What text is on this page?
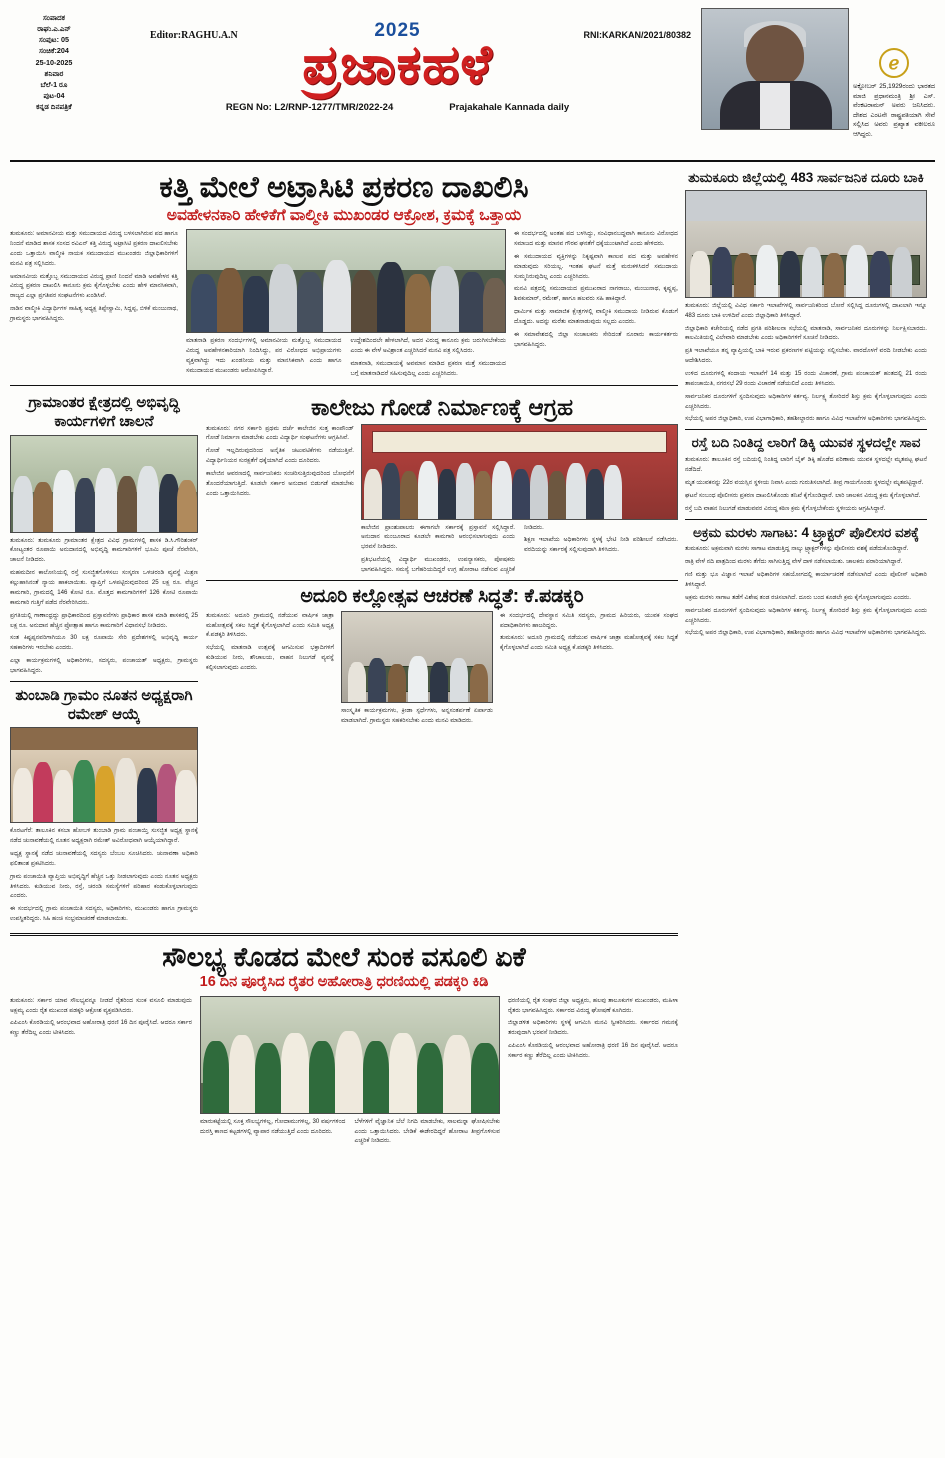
ಸಂಪಾದಕ
ರಾಘು.ಎ.ಎನ್
ಸಂಪುಟ: 05
ಸಂಚಿಕೆ:204
25-10-2025
ಶನಿವಾರ
ಬೆಲೆ-1 ರೂ
ಪುಟ-04
ಕನ್ನಡ ದಿನಪತ್ರಿಕೆ
Editor:RAGHU.A.N	RNI:KARKAN/2021/80382
2025
ಪ್ರಜಾಕಹಳೆ
REGN No: L2/RNP-1277/TMR/2022-24	Prajakahale Kannada daily
ℯ
ಅಕ್ಟೋಬರ್ 25,1929ರಂದು ಭಾರತದ ಮಾಜಿ ಪ್ರಧಾನಮಂತ್ರಿ ಶ್ರೀ ಎಸ್. ವೆಂಕಟರಾಮನ್ ಅವರು ಜನಿಸಿದರು. ದೇಶದ ಎಂಟನೇ ರಾಷ್ಟ್ರಪತಿಯಾಗಿ ಸೇವೆ ಸಲ್ಲಿಸಿದ ಅವರು ಪ್ರಖ್ಯಾತ ವಕೀಲರೂ ಆಗಿದ್ದರು.
ಕತ್ತಿ ಮೇಲೆ ಅಟ್ರಾಸಿಟಿ ಪ್ರಕರಣ ದಾಖಲಿಸಿ
ಅವಹೇಳನಕಾರಿ ಹೇಳಿಕೆಗೆ ವಾಲ್ಮೀಕಿ ಮುಖಂಡರ ಆಕ್ರೋಶ, ಕ್ರಮಕ್ಕೆ ಒತ್ತಾಯ

ತುಮಕೂರು: ಅಮಾನವೀಯ ಮತ್ತು ಸಮುದಾಯದ ವಿರುದ್ಧ ಬಳಸಲಾಗಿರುವ ಪದ ಹಾಗೂ ನಿಂದನೆ ಮಾಡಿದ ಶಾಸಕ ಸಂಸದ ರವಿಎನ್ ಕತ್ತಿ ವಿರುದ್ಧ ಅಟ್ರಾಸಿಟಿ ಪ್ರಕರಣ ದಾಖಲಿಸಬೇಕು ಎಂದು ಒತ್ತಾಯಿಸಿ ವಾಲ್ಮೀಕಿ ನಾಯಕ ಸಮುದಾಯದ ಮುಖಂಡರು ಜಿಲ್ಲಾಧಿಕಾರಿಗಳಿಗೆ ಮನವಿ ಪತ್ರ ಸಲ್ಲಿಸಿದರು.

ಅಮಾನವೀಯ ಮತ್ತೊಬ್ಬ ಸಮುದಾಯದ ವಿರುದ್ಧ ಪ್ರಾಣಿ ನಿಂದನೆ ಮಾಡಿ ಅವಹೇಳನ ಕತ್ತಿ ವಿರುದ್ಧ ಪ್ರಕರಣ ದಾಖಲಿಸಿ ಕಾನೂನು ಕ್ರಮ ಕೈಗೊಳ್ಳಬೇಕು ಎಂದು ಹೇಳಿ ಮಾನಸಿಕವಾಗಿ, ರಾಜ್ಯದ ಎಲ್ಲಾ ಪ್ರಗತಿಪರ ಸಂಘಟನೆಗಳು ಖಂಡಿಸಿವೆ.

ನಾಡಿನ ವಾಲ್ಮೀಕಿ ವಿದ್ಯಾರ್ಥಿಗಳ ಸಾಹಿತ್ಯ ಅಧ್ಯಕ್ಷ ತಿಪ್ಪೇಸ್ವಾಮಿ, ಸಿದ್ದಪ್ಪ, ಬಿಳಿಕೆ ಮಂಜುನಾಥ, ಗ್ರಾಮಸ್ಥರು ಭಾಗವಹಿಸಿದ್ದರು.

ಮಾತನಾಡಿ ಪ್ರಕರಣ ಸಂದರ್ಭಗಳಲ್ಲಿ ಅಮಾನವೀಯ ಮತ್ತೊಬ್ಬ ಸಮುದಾಯದ ವಿರುದ್ಧ ಅವಹೇಳನಕಾರಿಯಾಗಿ ನಿಂದಿಸಿದ್ದು, ಪರ ವಿರೋಧದ ಅಭಿಪ್ರಾಯಗಳು ವ್ಯಕ್ತವಾಗಿದ್ದು ಇದು ಖಂಡನೀಯ ಮತ್ತು ಮಾನಸಿಕವಾಗಿ ಎಂದು ಹಾಗೂ ಸಮುದಾಯದ ಮುಖಂಡರು ಆರೋಪಿಸಿದ್ದಾರೆ.

ಉದ್ದೇಶದಿಂದಲೇ ಹೇಳಲಾಗಿದೆ, ಅದರ ವಿರುದ್ಧ ಕಾನೂನು ಕ್ರಮ ಜರುಗಿಸಬೇಕೆಂದು ಎಂದು ಈ ವೇಳೆ ಅವಿಶ್ರಾಂತ ಎಚ್ಚರಿಸಿದರೆ ಮನವಿ ಪತ್ರ ಸಲ್ಲಿಸಿದರು.

ಮಾತನಾಡಿ, ಸಮುದಾಯಕ್ಕೆ ಅವಮಾನ ಮಾಡಿದ ಪ್ರಕರಣ ಮತ್ತೆ ಸಮುದಾಯದ ಬಗ್ಗೆ ಮಾತನಾಡಿದರೆ ಸಹಿಸುವುದಿಲ್ಲ ಎಂದು ಎಚ್ಚರಿಸಿದರು.

ಈ ಸಂದರ್ಭದಲ್ಲಿ ಅಂತಹ ಪದ ಬಳಸಿದ್ದು, ಸಂವಿಧಾನಬದ್ಧವಾಗಿ ಕಾನೂನು ವಿರೋಧದ ಸಮಾಜದ ಮತ್ತು ಮಾನವ ಗೌರವ ಘನತೆಗೆ ಧಕ್ಕೆಯುಂಟಾಗಿದೆ ಎಂದು ಹೇಳಿದರು.

ಈ ಸಮುದಾಯದ ವ್ಯಕ್ತಿಗಳನ್ನು ನಿಕೃಷ್ಟವಾಗಿ ಕಾಣುವ ಪದ ಮತ್ತು ಅವಹೇಳನ ಮಾಡುವುದು ಸರಿಯಲ್ಲ. ಇಂತಹ ಘಟನೆ ಮತ್ತೆ ಮರುಕಳಿಸಿದರೆ ಸಮುದಾಯ ಸುಮ್ಮನಿರುವುದಿಲ್ಲ ಎಂದು ಎಚ್ಚರಿಸಿದರು.

ಮನವಿ ಪತ್ರದಲ್ಲಿ ಸಮುದಾಯದ ಪ್ರಮುಖರಾದ ನಾಗರಾಜು, ಮಂಜುನಾಥ, ಕೃಷ್ಣಪ್ಪ, ಶಿವಕುಮಾರ್, ರಮೇಶ್, ಹಾಗೂ ಹಲವರು ಸಹಿ ಹಾಕಿದ್ದಾರೆ.

ಧಾರ್ಮಿಕ ಮತ್ತು ಸಾಮಾಜಿಕ ಕ್ಷೇತ್ರಗಳಲ್ಲಿ ವಾಲ್ಮೀಕಿ ಸಮುದಾಯ ನೀಡಿರುವ ಕೊಡುಗೆ ದೊಡ್ಡದು. ಅದನ್ನು ಮರೆತು ಮಾತನಾಡುವುದು ಸಲ್ಲದು ಎಂದರು.

ಈ ಸಮಾವೇಶದಲ್ಲಿ ಜಿಲ್ಲಾ ಸಂಚಾಲಕರು ಸೇರಿದಂತೆ ನೂರಾರು ಕಾರ್ಯಕರ್ತರು ಭಾಗವಹಿಸಿದ್ದರು.

ಗ್ರಾಮಾಂತರ ಕ್ಷೇತ್ರದಲ್ಲಿ ಅಭಿವೃದ್ಧಿ ಕಾರ್ಯಗಳಿಗೆ ಚಾಲನೆ

ತುಮಕೂರು: ತುಮಕೂರು ಗ್ರಾಮಾಂತರ ಕ್ಷೇತ್ರದ ವಿವಿಧ ಗ್ರಾಮಗಳಲ್ಲಿ ಶಾಸಕ ಡಿ.ಸಿ.ಗೌರಿಶಂಕರ್ ಕೋಟ್ಯಂತರ ರೂಪಾಯಿ ಅನುದಾನದಲ್ಲಿ ಅಭಿವೃದ್ಧಿ ಕಾಮಗಾರಿಗಳಿಗೆ ಭೂಮಿ ಪೂಜೆ ನೆರವೇರಿಸಿ, ಚಾಲನೆ ನೀಡಿದರು.

ಮಹಮದೀನ ಕಾಲೋನಿಯಲ್ಲಿ ರಸ್ತೆ ಸುಸಜ್ಜಿತಗೊಳಿಸಲು ಸಂಸ್ಕರಣ ಒಳಚರಂಡಿ ವ್ಯವಸ್ಥೆ ಮಿಶ್ರಣ ಕಲ್ಲುಹಾಸಿನಂತೆ ನ್ಯಾಯ ಹಾಕಲಾಯಿತು. ವ್ಯಾಪ್ತಿಗೆ ಒಳಪಟ್ಟಿರುವುದರಿಂದ 25 ಲಕ್ಷ ರೂ. ವೆಚ್ಚದ ಕಾಮಗಾರಿ, ಗ್ರಾಮದಲ್ಲಿ 146 ಕೋಟಿ ರೂ. ಮೊತ್ತದ ಕಾಮಗಾರಿಗಳಿಗೆ 126 ಕೋಟಿ ರೂಪಾಯಿ ಕಾಮಗಾರಿ ಗುತ್ತಿಗೆ ಪಡೆದ ನೆರವೇರಿಸಿದರು.

ಪ್ರಗತಿಯಲ್ಲಿ ಗಾಣಾಂಧ್ರದ್ದು ಪ್ರಾಧಿಕಾರದಿಂದ ಪ್ರಸ್ತಾವನೆಗಳು ಪ್ರಾಧಿಕಾರ ಶಾಸಕ ಮಾಡಿ ಶಾಸಕರಲ್ಲಿ 25 ಲಕ್ಷ ರೂ. ಅನುದಾನ ಹೆಚ್ಚಿನ ಪ್ರೋತ್ಸಾಹ ಹಾಗೂ ಕಾಮಗಾರಿಗೆ ವಿಧಾನಸಭೆ ನೀಡಿದರು.

ಸಂತ ಕಿಷ್ಟಪ್ಪನವರಿಗಾಗಿಯೂ 30 ಲಕ್ಷ ರೂಪಾಯಿ ಸೇರಿ ಪ್ರದೇಶಗಳಲ್ಲಿ ಅಭಿವೃದ್ಧಿ ಕಾರ್ಯ ಸಹಕಾರಿಗಳು ಇರಬೇಕು ಎಂದರು.

ಎಲ್ಲಾ ಕಾರ್ಯಕ್ರಮಗಳಲ್ಲಿ ಅಧಿಕಾರಿಗಳು, ಸದಸ್ಯರು, ಪಂಚಾಯತ್ ಅಧ್ಯಕ್ಷರು, ಗ್ರಾಮಸ್ಥರು ಭಾಗವಹಿಸಿದ್ದರು.

ತುಂಬಾಡಿ ಗ್ರಾಮಂ ನೂತನ ಅಧ್ಯಕ್ಷರಾಗಿ ರಮೇಶ್ ಆಯ್ಕೆ

ಕೊರಟಗೆರೆ: ತಾಲೂಕಿನ ಕಸಬಾ ಹೋಬಳಿ ತುಂಬಾಡಿ ಗ್ರಾಮ ಪಂಚಾಯ್ತಿ ಸುಸಜ್ಜಿತ ಅಧ್ಯಕ್ಷ ಸ್ಥಾನಕ್ಕೆ ನಡೆದ ಚುನಾವಣೆಯಲ್ಲಿ ನೂತನ ಅಧ್ಯಕ್ಷರಾಗಿ ರಮೇಶ್ ಅವಿರೋಧವಾಗಿ ಆಯ್ಕೆಯಾಗಿದ್ದಾರೆ.

ಅಧ್ಯಕ್ಷ ಸ್ಥಾನಕ್ಕೆ ನಡೆದ ಚುನಾವಣೆಯಲ್ಲಿ ಸದಸ್ಯರು ಬೆಂಬಲ ಸೂಚಿಸಿದರು. ಚುನಾವಣಾ ಅಧಿಕಾರಿ ಫಲಿತಾಂಶ ಪ್ರಕಟಿಸಿದರು.

ಗ್ರಾಮ ಪಂಚಾಯಿತಿ ವ್ಯಾಪ್ತಿಯ ಅಭಿವೃದ್ಧಿಗೆ ಹೆಚ್ಚಿನ ಒತ್ತು ನೀಡಲಾಗುವುದು ಎಂದು ನೂತನ ಅಧ್ಯಕ್ಷರು ತಿಳಿಸಿದರು. ಕುಡಿಯುವ ನೀರು, ರಸ್ತೆ, ಚರಂಡಿ ಸಮಸ್ಯೆಗಳಿಗೆ ಪರಿಹಾರ ಕಂಡುಕೊಳ್ಳಲಾಗುವುದು ಎಂದರು.

ಈ ಸಂದರ್ಭದಲ್ಲಿ ಗ್ರಾಮ ಪಂಚಾಯಿತಿ ಸದಸ್ಯರು, ಅಧಿಕಾರಿಗಳು, ಮುಖಂಡರು ಹಾಗೂ ಗ್ರಾಮಸ್ಥರು ಉಪಸ್ಥಿತರಿದ್ದರು. ಸಿಹಿ ಹಂಚಿ ಸಂಭ್ರಮಾಚರಣೆ ಮಾಡಲಾಯಿತು.

ಕಾಲೇಜು ಗೋಡೆ ನಿರ್ಮಾಣಕ್ಕೆ ಆಗ್ರಹ

ತುಮಕೂರು: ನಗರ ಸರ್ಕಾರಿ ಪ್ರಥಮ ದರ್ಜೆ ಕಾಲೇಜಿನ ಸುತ್ತ ಕಾಂಪೌಂಡ್ ಗೋಡೆ ನಿರ್ಮಾಣ ಮಾಡಬೇಕು ಎಂದು ವಿದ್ಯಾರ್ಥಿ ಸಂಘಟನೆಗಳು ಆಗ್ರಹಿಸಿವೆ.

ಗೋಡೆ ಇಲ್ಲದಿರುವುದರಿಂದ ಅನೈತಿಕ ಚಟುವಟಿಕೆಗಳು ನಡೆಯುತ್ತಿವೆ. ವಿದ್ಯಾರ್ಥಿನಿಯರ ಸುರಕ್ಷತೆಗೆ ಧಕ್ಕೆಯಾಗಿದೆ ಎಂದು ದೂರಿದರು.

ಕಾಲೇಜಿನ ಆವರಣದಲ್ಲಿ ಸಾರ್ವಜನಿಕರು ಸಂಚರಿಸುತ್ತಿರುವುದರಿಂದ ಬೋಧನೆಗೆ ತೊಂದರೆಯಾಗುತ್ತಿದೆ. ಕೂಡಲೇ ಸರ್ಕಾರ ಅನುದಾನ ಬಿಡುಗಡೆ ಮಾಡಬೇಕು ಎಂದು ಒತ್ತಾಯಿಸಿದರು.

ಕಾಲೇಜಿನ ಪ್ರಾಂಶುಪಾಲರು ಈಗಾಗಲೇ ಸರ್ಕಾರಕ್ಕೆ ಪ್ರಸ್ತಾವನೆ ಸಲ್ಲಿಸಿದ್ದಾರೆ. ಅನುದಾನ ಮಂಜೂರಾದ ಕೂಡಲೇ ಕಾಮಗಾರಿ ಆರಂಭಿಸಲಾಗುವುದು ಎಂದು ಭರವಸೆ ನೀಡಿದರು.

ಪ್ರತಿಭಟನೆಯಲ್ಲಿ ವಿದ್ಯಾರ್ಥಿ ಮುಖಂಡರು, ಉಪನ್ಯಾಸಕರು, ಪೋಷಕರು ಭಾಗವಹಿಸಿದ್ದರು. ಸಮಸ್ಯೆ ಬಗೆಹರಿಯದಿದ್ದರೆ ಉಗ್ರ ಹೋರಾಟ ನಡೆಸುವ ಎಚ್ಚರಿಕೆ ನೀಡಿದರು.

ಶಿಕ್ಷಣ ಇಲಾಖೆಯ ಅಧಿಕಾರಿಗಳು ಸ್ಥಳಕ್ಕೆ ಭೇಟಿ ನೀಡಿ ಪರಿಶೀಲನೆ ನಡೆಸಿದರು. ವರದಿಯನ್ನು ಸರ್ಕಾರಕ್ಕೆ ಸಲ್ಲಿಸುವುದಾಗಿ ತಿಳಿಸಿದರು.

ಅದೂರಿ ಕಲ್ಲೋತ್ಸವ ಆಚರಣೆ ಸಿದ್ಧತೆ: ಕೆ.ಪಡಕ್ಕರಿ

ತುಮಕೂರು: ಅದೂರಿ ಗ್ರಾಮದಲ್ಲಿ ನಡೆಯುವ ವಾರ್ಷಿಕ ಜಾತ್ರಾ ಮಹೋತ್ಸವಕ್ಕೆ ಸಕಲ ಸಿದ್ಧತೆ ಕೈಗೊಳ್ಳಲಾಗಿದೆ ಎಂದು ಸಮಿತಿ ಅಧ್ಯಕ್ಷ ಕೆ.ಪಡಕ್ಕರಿ ತಿಳಿಸಿದರು.

ಸಭೆಯಲ್ಲಿ ಮಾತನಾಡಿ ಉತ್ಸವಕ್ಕೆ ಆಗಮಿಸುವ ಭಕ್ತಾದಿಗಳಿಗೆ ಕುಡಿಯುವ ನೀರು, ಶೌಚಾಲಯ, ವಾಹನ ನಿಲುಗಡೆ ವ್ಯವಸ್ಥೆ ಕಲ್ಪಿಸಲಾಗುವುದು ಎಂದರು.

ಸಾಂಸ್ಕೃತಿಕ ಕಾರ್ಯಕ್ರಮಗಳು, ಕ್ರೀಡಾ ಸ್ಪರ್ಧೆಗಳು, ಅನ್ನಸಂತರ್ಪಣೆ ಏರ್ಪಾಡು ಮಾಡಲಾಗಿದೆ. ಗ್ರಾಮಸ್ಥರು ಸಹಕರಿಸಬೇಕು ಎಂದು ಮನವಿ ಮಾಡಿದರು.

ಈ ಸಂದರ್ಭದಲ್ಲಿ ದೇವಸ್ಥಾನ ಸಮಿತಿ ಸದಸ್ಯರು, ಗ್ರಾಮದ ಹಿರಿಯರು, ಯುವಕ ಸಂಘದ ಪದಾಧಿಕಾರಿಗಳು ಹಾಜರಿದ್ದರು.

ತುಮಕೂರು: ಅದೂರಿ ಗ್ರಾಮದಲ್ಲಿ ನಡೆಯುವ ವಾರ್ಷಿಕ ಜಾತ್ರಾ ಮಹೋತ್ಸವಕ್ಕೆ ಸಕಲ ಸಿದ್ಧತೆ ಕೈಗೊಳ್ಳಲಾಗಿದೆ ಎಂದು ಸಮಿತಿ ಅಧ್ಯಕ್ಷ ಕೆ.ಪಡಕ್ಕರಿ ತಿಳಿಸಿದರು.

ಸೌಲಭ್ಯ ಕೊಡದ ಮೇಲೆ ಸುಂಕ ವಸೂಲಿ ಏಕೆ
16 ದಿನ ಪೂರೈಸಿದ ರೈತರ ಅಹೋರಾತ್ರಿ ಧರಣಿಯಲ್ಲಿ ಪಡಕ್ಕರಿ ಕಿಡಿ

ತುಮಕೂರು: ಸರ್ಕಾರ ಯಾವ ಸೌಲಭ್ಯವನ್ನೂ ನೀಡದೆ ರೈತರಿಂದ ಸುಂಕ ವಸೂಲಿ ಮಾಡುವುದು ಅಕ್ಷಮ್ಯ ಎಂದು ರೈತ ಮುಖಂಡ ಪಡಕ್ಕರಿ ಆಕ್ರೋಶ ವ್ಯಕ್ತಪಡಿಸಿದರು.

ಎಪಿಎಂಸಿ ಕೊಠಡಿಯಲ್ಲಿ ಆರಂಭವಾದ ಅಹೋರಾತ್ರಿ ಧರಣಿ 16 ದಿನ ಪೂರೈಸಿದೆ. ಆದರೂ ಸರ್ಕಾರ ಕಣ್ಣು ತೆರೆದಿಲ್ಲ ಎಂದು ಟೀಕಿಸಿದರು.

ಮಾರುಕಟ್ಟೆಯಲ್ಲಿ ಸೂಕ್ತ ಸೌಲಭ್ಯಗಳಿಲ್ಲ, ಗೋದಾಮುಗಳಿಲ್ಲ, 30 ವರ್ಷಗಳಿಂದ ದುರಸ್ತಿ ಕಾಣದ ಕಟ್ಟಡಗಳಲ್ಲಿ ವ್ಯಾಪಾರ ನಡೆಯುತ್ತಿದೆ ಎಂದು ದೂರಿದರು.

ಬೆಳೆಗಳಿಗೆ ವೈಜ್ಞಾನಿಕ ಬೆಲೆ ನಿಗದಿ ಮಾಡಬೇಕು, ಸಾಲಮನ್ನಾ ಘೋಷಿಸಬೇಕು ಎಂದು ಒತ್ತಾಯಿಸಿದರು. ಬೇಡಿಕೆ ಈಡೇರದಿದ್ದರೆ ಹೋರಾಟ ತೀವ್ರಗೊಳಿಸುವ ಎಚ್ಚರಿಕೆ ನೀಡಿದರು.

ಧರಣಿಯಲ್ಲಿ ರೈತ ಸಂಘದ ಜಿಲ್ಲಾ ಅಧ್ಯಕ್ಷರು, ಹಲವು ತಾಲೂಕುಗಳ ಮುಖಂಡರು, ಮಹಿಳಾ ರೈತರು ಭಾಗವಹಿಸಿದ್ದರು. ಸರ್ಕಾರದ ವಿರುದ್ಧ ಘೋಷಣೆ ಕೂಗಿದರು.

ಜಿಲ್ಲಾಡಳಿತ ಅಧಿಕಾರಿಗಳು ಸ್ಥಳಕ್ಕೆ ಆಗಮಿಸಿ ಮನವಿ ಸ್ವೀಕರಿಸಿದರು. ಸರ್ಕಾರದ ಗಮನಕ್ಕೆ ತರುವುದಾಗಿ ಭರವಸೆ ನೀಡಿದರು.

ಎಪಿಎಂಸಿ ಕೊಠಡಿಯಲ್ಲಿ ಆರಂಭವಾದ ಅಹೋರಾತ್ರಿ ಧರಣಿ 16 ದಿನ ಪೂರೈಸಿದೆ. ಆದರೂ ಸರ್ಕಾರ ಕಣ್ಣು ತೆರೆದಿಲ್ಲ ಎಂದು ಟೀಕಿಸಿದರು.

ತುಮಕೂರು ಜಿಲ್ಲೆಯಲ್ಲಿ 483 ಸಾರ್ವಜನಿಕ ದೂರು ಬಾಕಿ

ತುಮಕೂರು: ಜಿಲ್ಲೆಯಲ್ಲಿ ವಿವಿಧ ಸರ್ಕಾರಿ ಇಲಾಖೆಗಳಲ್ಲಿ ಸಾರ್ವಜನಿಕರಿಂದ ಬೋರೆ ಸಲ್ಲಿಸಿದ್ದ ದೂರುಗಳಲ್ಲಿ ದಾಖಲಾಗಿ ಇನ್ನೂ 483 ದೂರು ಬಾಕಿ ಉಳಿದಿವೆ ಎಂದು ಜಿಲ್ಲಾಧಿಕಾರಿ ತಿಳಿಸಿದ್ದಾರೆ.

ಜಿಲ್ಲಾಧಿಕಾರಿ ಕಚೇರಿಯಲ್ಲಿ ನಡೆದ ಪ್ರಗತಿ ಪರಿಶೀಲನಾ ಸಭೆಯಲ್ಲಿ ಮಾತನಾಡಿ, ಸಾರ್ವಜನಿಕರ ದೂರುಗಳನ್ನು ನಿರ್ಲಕ್ಷಿಸಬಾರದು. ಕಾಲಮಿತಿಯಲ್ಲಿ ವಿಲೇವಾರಿ ಮಾಡಬೇಕು ಎಂದು ಅಧಿಕಾರಿಗಳಿಗೆ ಸೂಚನೆ ನೀಡಿದರು.

ಪ್ರತಿ ಇಲಾಖೆಯೂ ತನ್ನ ವ್ಯಾಪ್ತಿಯಲ್ಲಿ ಬಾಕಿ ಇರುವ ಪ್ರಕರಣಗಳ ಪಟ್ಟಿಯನ್ನು ಸಲ್ಲಿಸಬೇಕು. ವಾರದೊಳಗೆ ವರದಿ ನೀಡಬೇಕು ಎಂದು ಆದೇಶಿಸಿದರು.

ಉಳಿದ ದೂರುಗಳಲ್ಲಿ ಕಂದಾಯ ಇಲಾಖೆಗೆ 14 ಮತ್ತು 15 ರಂದು ವಿಚಾರಣೆ, ಗ್ರಾಮ ಪಂಚಾಯತ್ ಹಂತದಲ್ಲಿ 21 ರಂದು ತಾಪಂಚಾಯಿತಿ, ನಗರಸಭೆ 29 ರಂದು ವಿಚಾರಣೆ ನಡೆಯಲಿದೆ ಎಂದು ತಿಳಿಸಿದರು.

ಸಾರ್ವಜನಿಕರ ದೂರುಗಳಿಗೆ ಸ್ಪಂದಿಸುವುದು ಅಧಿಕಾರಿಗಳ ಕರ್ತವ್ಯ. ನಿರ್ಲಕ್ಷ್ಯ ತೋರಿದರೆ ಶಿಸ್ತು ಕ್ರಮ ಕೈಗೊಳ್ಳಲಾಗುವುದು ಎಂದು ಎಚ್ಚರಿಸಿದರು.

ಸಭೆಯಲ್ಲಿ ಅಪರ ಜಿಲ್ಲಾಧಿಕಾರಿ, ಉಪ ವಿಭಾಗಾಧಿಕಾರಿ, ತಹಶೀಲ್ದಾರರು ಹಾಗೂ ವಿವಿಧ ಇಲಾಖೆಗಳ ಅಧಿಕಾರಿಗಳು ಭಾಗವಹಿಸಿದ್ದರು.

ರಸ್ತೆ ಬದಿ ನಿಂತಿದ್ದ ಲಾರಿಗೆ ಡಿಕ್ಕಿ ಯುವಕ ಸ್ಥಳದಲ್ಲೇ ಸಾವ

ತುಮಕೂರು: ತಾಲೂಕಿನ ರಸ್ತೆ ಬದಿಯಲ್ಲಿ ನಿಂತಿದ್ದ ಲಾರಿಗೆ ಬೈಕ್ ಡಿಕ್ಕಿ ಹೊಡೆದ ಪರಿಣಾಮ ಯುವಕ ಸ್ಥಳದಲ್ಲೇ ಮೃತಪಟ್ಟ ಘಟನೆ ನಡೆದಿದೆ.

ಮೃತ ಯುವಕನನ್ನು 22ರ ವಯಸ್ಸಿನ ಸ್ಥಳೀಯ ನಿವಾಸಿ ಎಂದು ಗುರುತಿಸಲಾಗಿದೆ. ತೀವ್ರ ಗಾಯಗೊಂಡು ಸ್ಥಳದಲ್ಲೇ ಮೃತಪಟ್ಟಿದ್ದಾರೆ.

ಘಟನೆ ಸಂಬಂಧ ಪೊಲೀಸರು ಪ್ರಕರಣ ದಾಖಲಿಸಿಕೊಂಡು ತನಿಖೆ ಕೈಗೊಂಡಿದ್ದಾರೆ. ಲಾರಿ ಚಾಲಕನ ವಿರುದ್ಧ ಕ್ರಮ ಕೈಗೊಳ್ಳಲಾಗಿದೆ.

ರಸ್ತೆ ಬದಿ ವಾಹನ ನಿಲುಗಡೆ ಮಾಡುವವರ ವಿರುದ್ಧ ಕಠಿಣ ಕ್ರಮ ಕೈಗೊಳ್ಳಬೇಕೆಂದು ಸ್ಥಳೀಯರು ಆಗ್ರಹಿಸಿದ್ದಾರೆ.

ಅಕ್ರಮ ಮರಳು ಸಾಗಾಟ: 4 ಟ್ರ್ಯಾಕ್ಟರ್ ಪೊಲೀಸರ ವಶಕ್ಕೆ

ತುಮಕೂರು: ಅಕ್ರಮವಾಗಿ ಮರಳು ಸಾಗಾಟ ಮಾಡುತ್ತಿದ್ದ ನಾಲ್ಕು ಟ್ರ್ಯಾಕ್ಟರ್‌ಗಳನ್ನು ಪೊಲೀಸರು ವಶಕ್ಕೆ ಪಡೆದುಕೊಂಡಿದ್ದಾರೆ.

ರಾತ್ರಿ ವೇಳೆ ನದಿ ಪಾತ್ರದಿಂದ ಮರಳು ತೆಗೆದು ಸಾಗಿಸುತ್ತಿದ್ದ ವೇಳೆ ದಾಳಿ ನಡೆಸಲಾಯಿತು. ಚಾಲಕರು ಪರಾರಿಯಾಗಿದ್ದಾರೆ.

ಗಣಿ ಮತ್ತು ಭೂ ವಿಜ್ಞಾನ ಇಲಾಖೆ ಅಧಿಕಾರಿಗಳ ಸಹಯೋಗದಲ್ಲಿ ಕಾರ್ಯಾಚರಣೆ ನಡೆಸಲಾಗಿದೆ ಎಂದು ಪೊಲೀಸ್ ಅಧಿಕಾರಿ ತಿಳಿಸಿದ್ದಾರೆ.

ಅಕ್ರಮ ಮರಳು ಸಾಗಾಟ ತಡೆಗೆ ವಿಶೇಷ ತಂಡ ರಚಿಸಲಾಗಿದೆ. ದೂರು ಬಂದ ಕೂಡಲೇ ಕ್ರಮ ಕೈಗೊಳ್ಳಲಾಗುವುದು ಎಂದರು.

ಸಾರ್ವಜನಿಕರ ದೂರುಗಳಿಗೆ ಸ್ಪಂದಿಸುವುದು ಅಧಿಕಾರಿಗಳ ಕರ್ತವ್ಯ. ನಿರ್ಲಕ್ಷ್ಯ ತೋರಿದರೆ ಶಿಸ್ತು ಕ್ರಮ ಕೈಗೊಳ್ಳಲಾಗುವುದು ಎಂದು ಎಚ್ಚರಿಸಿದರು.

ಸಭೆಯಲ್ಲಿ ಅಪರ ಜಿಲ್ಲಾಧಿಕಾರಿ, ಉಪ ವಿಭಾಗಾಧಿಕಾರಿ, ತಹಶೀಲ್ದಾರರು ಹಾಗೂ ವಿವಿಧ ಇಲಾಖೆಗಳ ಅಧಿಕಾರಿಗಳು ಭಾಗವಹಿಸಿದ್ದರು.
